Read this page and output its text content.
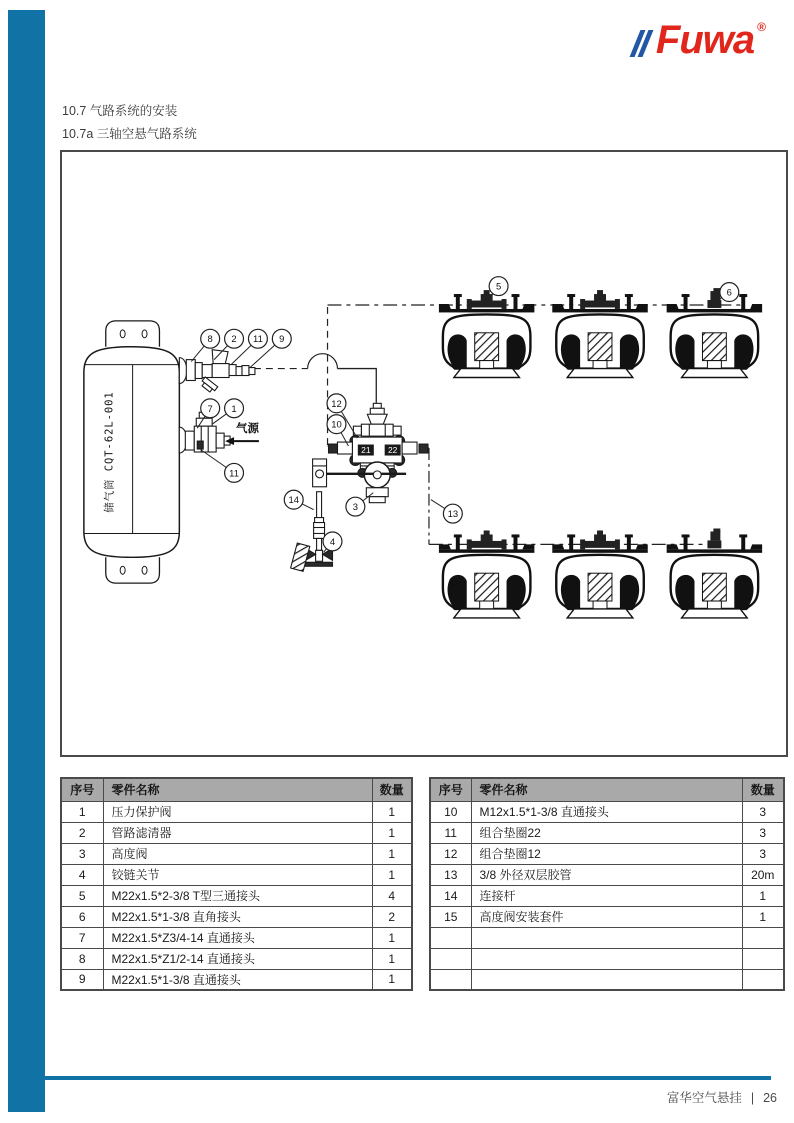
Fuwa ®
10.7 气路系统的安装
10.7a 三轴空悬气路系统
储气筒 CQT-62L-001	气源
21 22
8 2 11 9
7 1
11
12
10
3
14
4
13
5
6
序号	零件名称	数量
1	压力保护阀	1
2	管路滤清器	1
3	高度阀	1
4	铰链关节	1
5	M22x1.5*2-3/8 T型三通接头	4
6	M22x1.5*1-3/8 直角接头	2
7	M22x1.5*Z3/4-14 直通接头	1
8	M22x1.5*Z1/2-14 直通接头	1
9	M22x1.5*1-3/8 直通接头	1
序号	零件名称	数量
10	M12x1.5*1-3/8 直通接头	3
11	组合垫圈22	3
12	组合垫圈12	3
13	3/8 外径双层胶管	20m
14	连接杆	1
15	高度阀安装套件	1

富华空气悬挂 | 26
